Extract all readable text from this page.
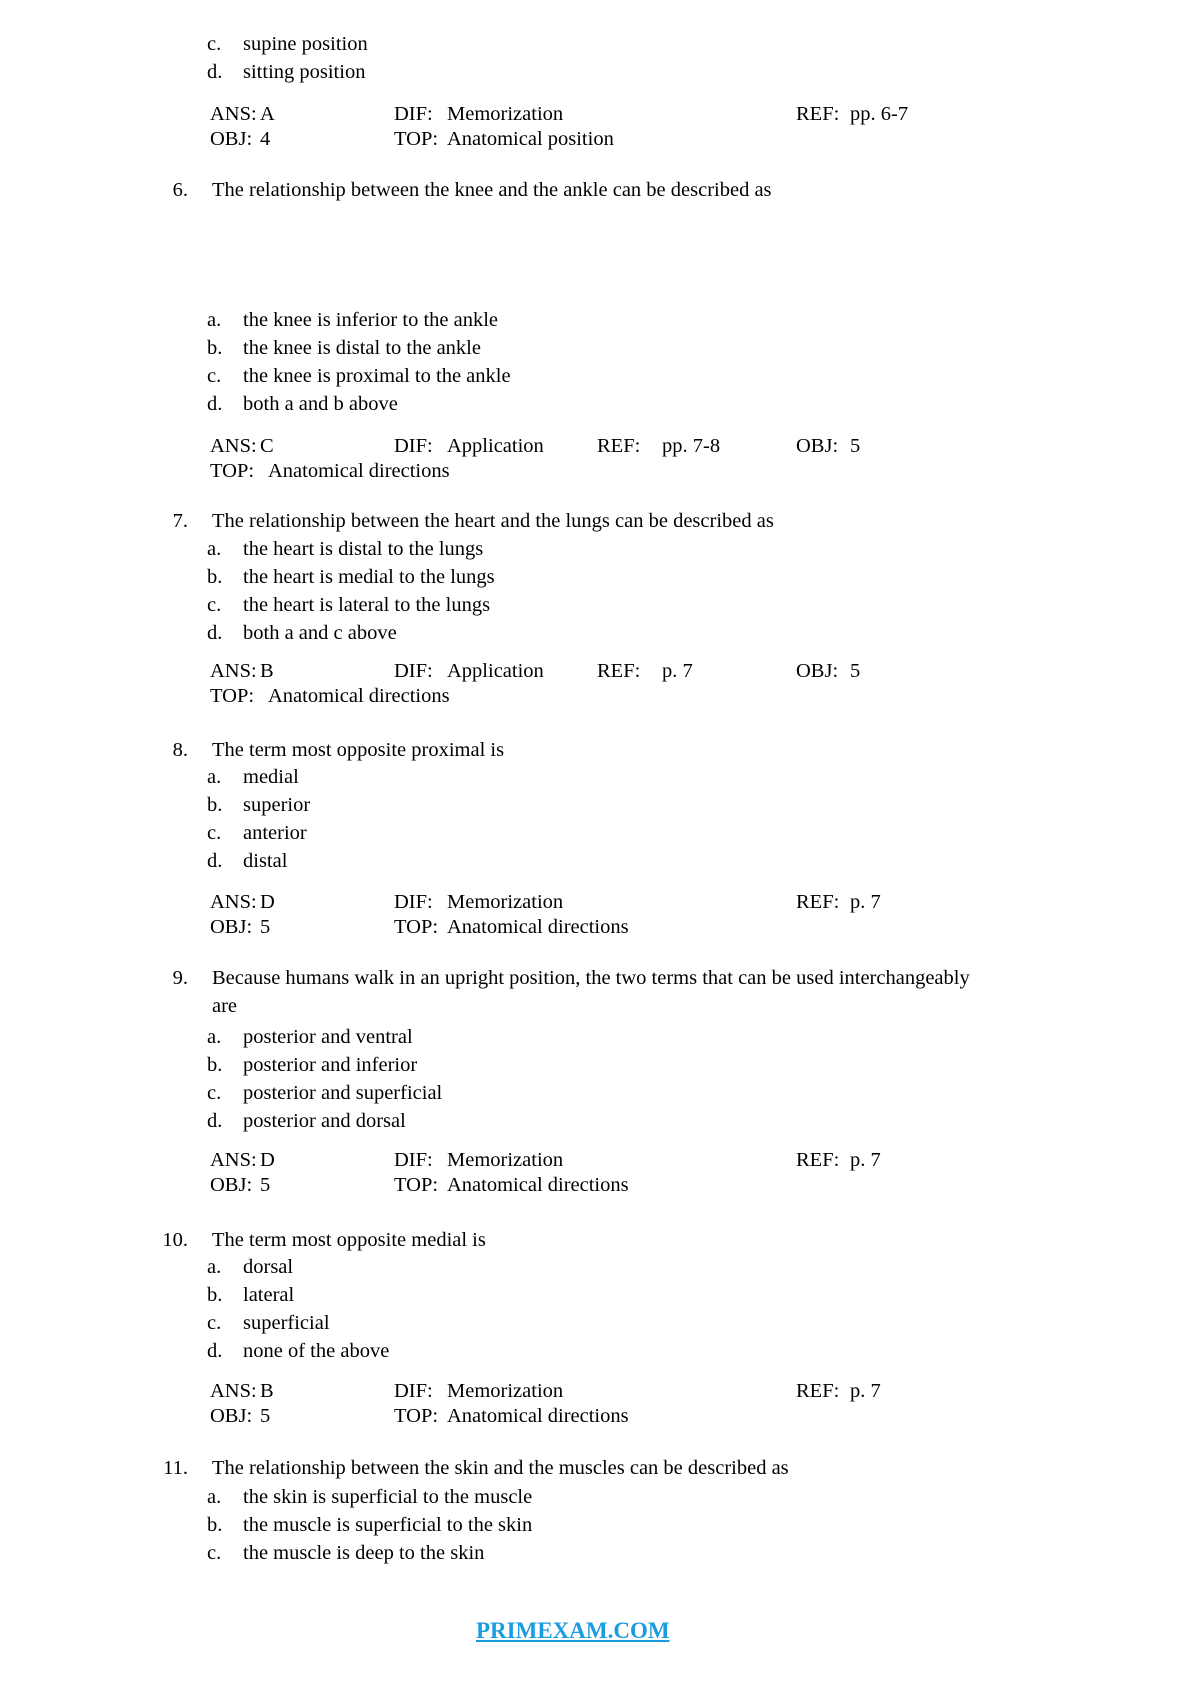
PRIMEXAM.COM
c. supine position
d. sitting position
ANS: A	DIF: Memorization	REF: pp. 6-7
OBJ: 4	TOP: Anatomical position
6. The relationship between the knee and the ankle can be described as
a. the knee is inferior to the ankle
b. the knee is distal to the ankle
c. the knee is proximal to the ankle
d. both a and b above
ANS: C	DIF: Application	REF: pp. 7-8	OBJ: 5
TOP: Anatomical directions
7. The relationship between the heart and the lungs can be described as
a. the heart is distal to the lungs
b. the heart is medial to the lungs
c. the heart is lateral to the lungs
d. both a and c above
ANS: B	DIF: Application	REF: p. 7	OBJ: 5
TOP: Anatomical directions
8. The term most opposite proximal is
a. medial
b. superior
c. anterior
d. distal
ANS: D	DIF: Memorization	REF: p. 7
OBJ: 5	TOP: Anatomical directions
9. Because humans walk in an upright position, the two terms that can be used interchangeably
are
a. posterior and ventral
b. posterior and inferior
c. posterior and superficial
d. posterior and dorsal
ANS: D	DIF: Memorization	REF: p. 7
OBJ: 5	TOP: Anatomical directions
10. The term most opposite medial is
a. dorsal
b. lateral
c. superficial
d. none of the above
ANS: B	DIF: Memorization	REF: p. 7
OBJ: 5	TOP: Anatomical directions
11. The relationship between the skin and the muscles can be described as
a. the skin is superficial to the muscle
b. the muscle is superficial to the skin
c. the muscle is deep to the skin
